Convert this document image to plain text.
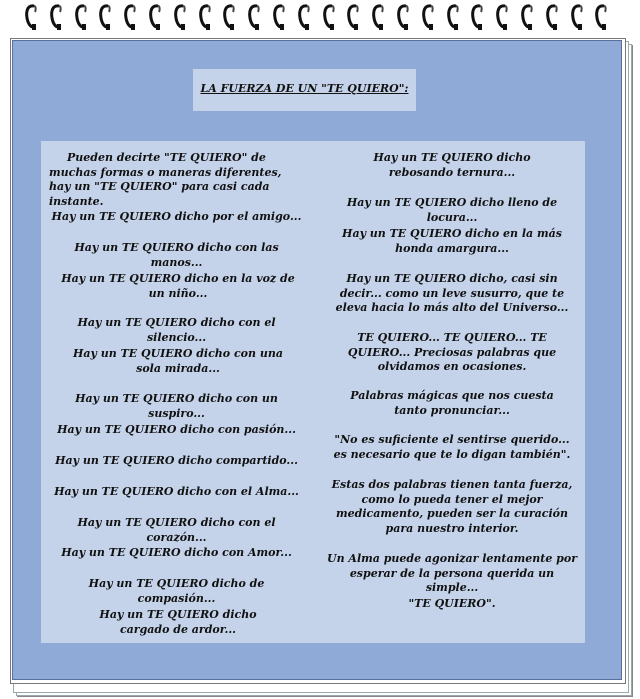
LA FUERZA DE UN "TE QUIERO":

Pueden decirte "TE QUIERO" de muchas formas o maneras diferentes, hay un "TE QUIERO" para casi cada instante.

Hay un TE QUIERO dicho por el amigo...

Hay un TE QUIERO dicho con las manos...

Hay un TE QUIERO dicho en la voz de un niño...

Hay un TE QUIERO dicho con el silencio...

Hay un TE QUIERO dicho con una sola mirada...

Hay un TE QUIERO dicho con un suspiro...

Hay un TE QUIERO dicho con pasión...

Hay un TE QUIERO dicho compartido...

Hay un TE QUIERO dicho con el Alma...

Hay un TE QUIERO dicho con el corazón...

Hay un TE QUIERO dicho con Amor...

Hay un TE QUIERO dicho de compasión...

Hay un TE QUIERO dicho cargado de ardor...

Hay un TE QUIERO dicho rebosando ternura...

Hay un TE QUIERO dicho lleno de locura...

Hay un TE QUIERO dicho en la más honda amargura...

Hay un TE QUIERO dicho, casi sin decir... como un leve susurro, que te eleva hacia lo más alto del Universo...

TE QUIERO... TE QUIERO... TE QUIERO... Preciosas palabras que olvidamos en ocasiones.

Palabras mágicas que nos cuesta tanto pronunciar...

"No es suficiente el sentirse querido... es necesario que te lo digan también".

Estas dos palabras tienen tanta fuerza, como lo pueda tener el mejor medicamento, pueden ser la curación para nuestro interior.

Un Alma puede agonizar lentamente por esperar de la persona querida un simple...

"TE QUIERO".
